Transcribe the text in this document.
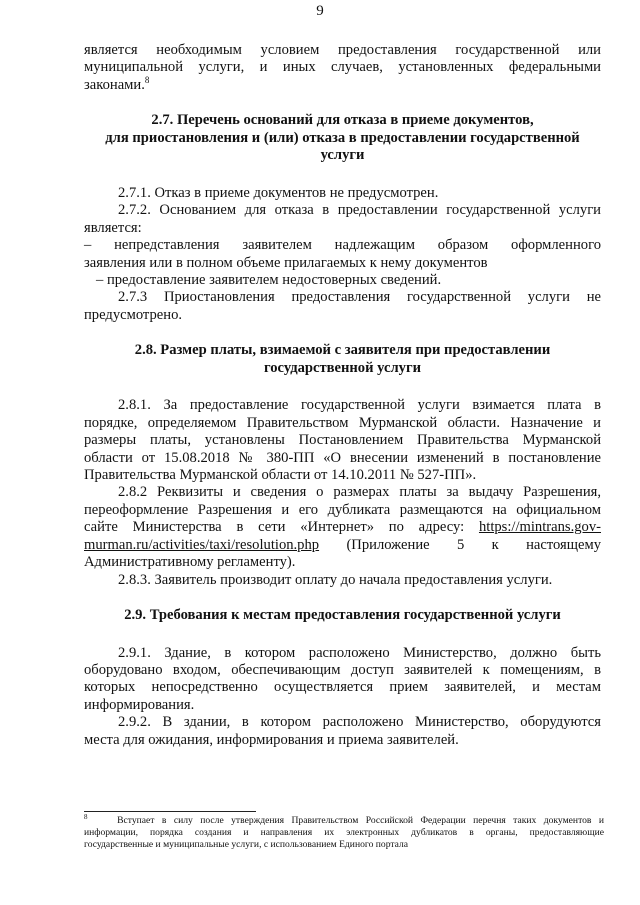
9
является необходимым условием предоставления государственной или
муниципальной услуги, и иных случаев, установленных федеральными
законами.$^8$
2.7. Перечень оснований для отказа в приеме документов,
для приостановления и (или) отказа в предоставлении государственной
услуги
2.7.1. Отказ в приеме документов не предусмотрен.
2.7.2. Основанием для отказа в предоставлении государственной услуги
является:
– непредставления заявителем надлежащим образом оформленного
заявления или в полном объеме прилагаемых к нему документов
– предоставление заявителем недостоверных сведений.
2.7.3 Приостановления предоставления государственной услуги не
предусмотрено.
2.8. Размер платы, взимаемой с заявителя при предоставлении
государственной услуги
2.8.1. За предоставление государственной услуги взимается плата в
порядке, определяемом Правительством Мурманской области. Назначение и
размеры платы, установлены Постановлением Правительства Мурманской
области от 15.08.2018 № 380-ПП «О внесении изменений в постановление
Правительства Мурманской области от 14.10.2011 № 527-ПП».
2.8.2 Реквизиты и сведения о размерах платы за выдачу Разрешения,
переоформление Разрешения и его дубликата размещаются на официальном
сайте Министерства в сети «Интернет» по адресу: https://mintrans.gov-
murman.ru/activities/taxi/resolution.php (Приложение 5 к настоящему
Административному регламенту).
2.8.3. Заявитель производит оплату до начала предоставления услуги.
2.9. Требования к местам предоставления государственной услуги
2.9.1. Здание, в котором расположено Министерство, должно быть
оборудовано входом, обеспечивающим доступ заявителей к помещениям, в
которых непосредственно осуществляется прием заявителей, и местам
информирования.
2.9.2. В здании, в котором расположено Министерство, оборудуются
места для ожидания, информирования и приема заявителей.
$^8$	Вступает в силу после утверждения Правительством Российской Федерации перечня таких документов и
информации, порядка создания и направления их электронных дубликатов в органы, предоставляющие
государственные и муниципальные услуги, с использованием Единого портала
